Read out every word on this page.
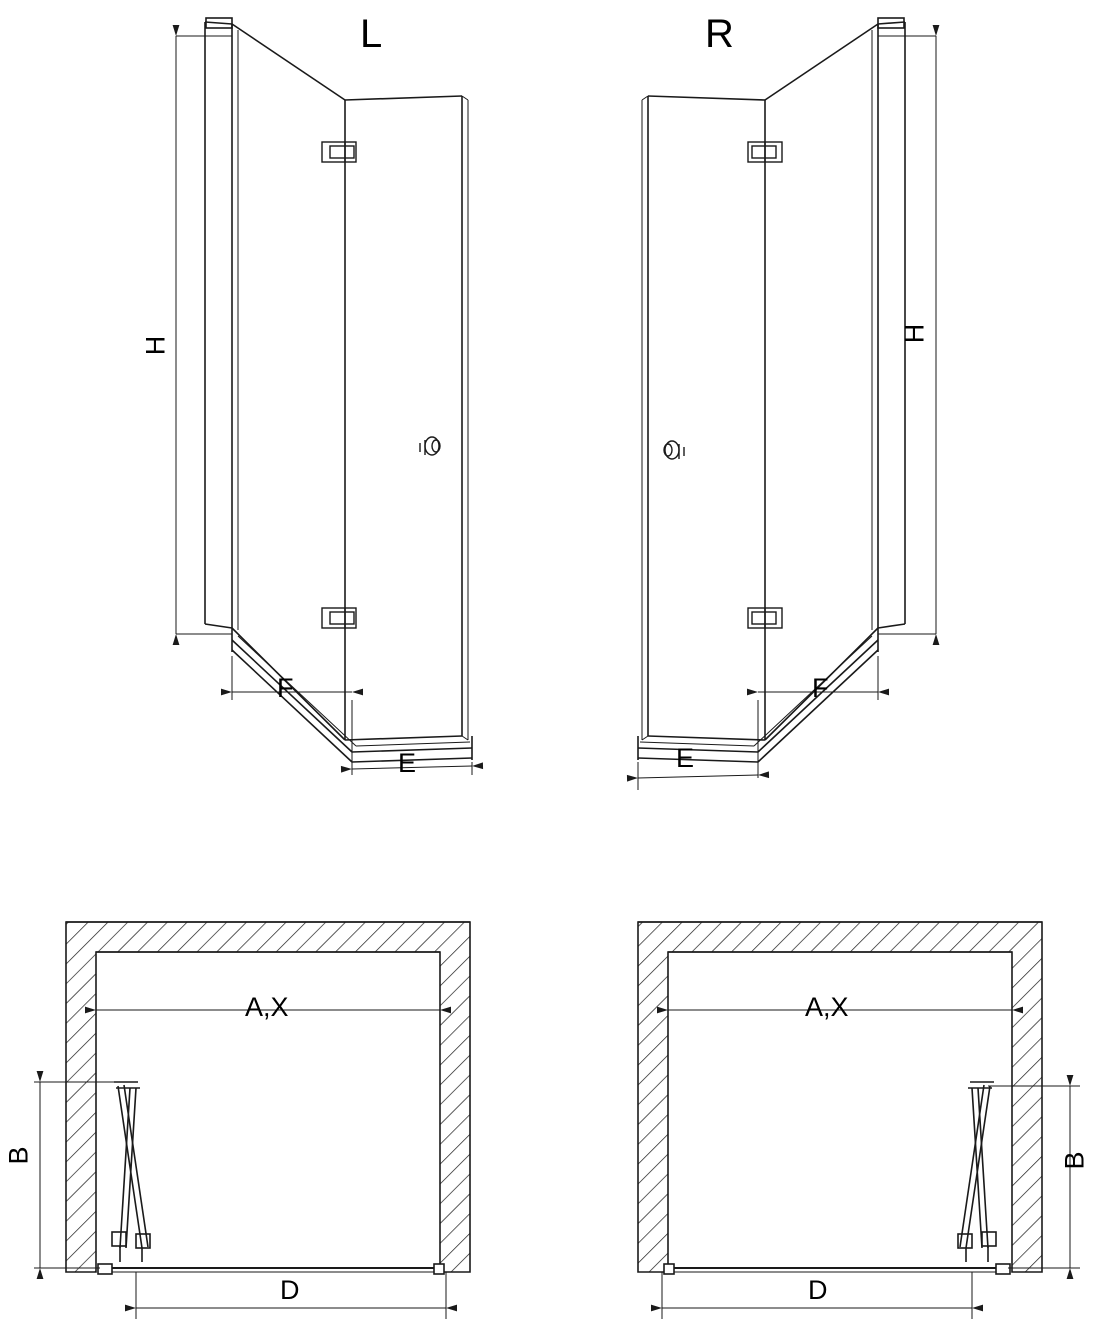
L	R
H
H
F
E
F
E
A,X
B
D
A,X
B
D
